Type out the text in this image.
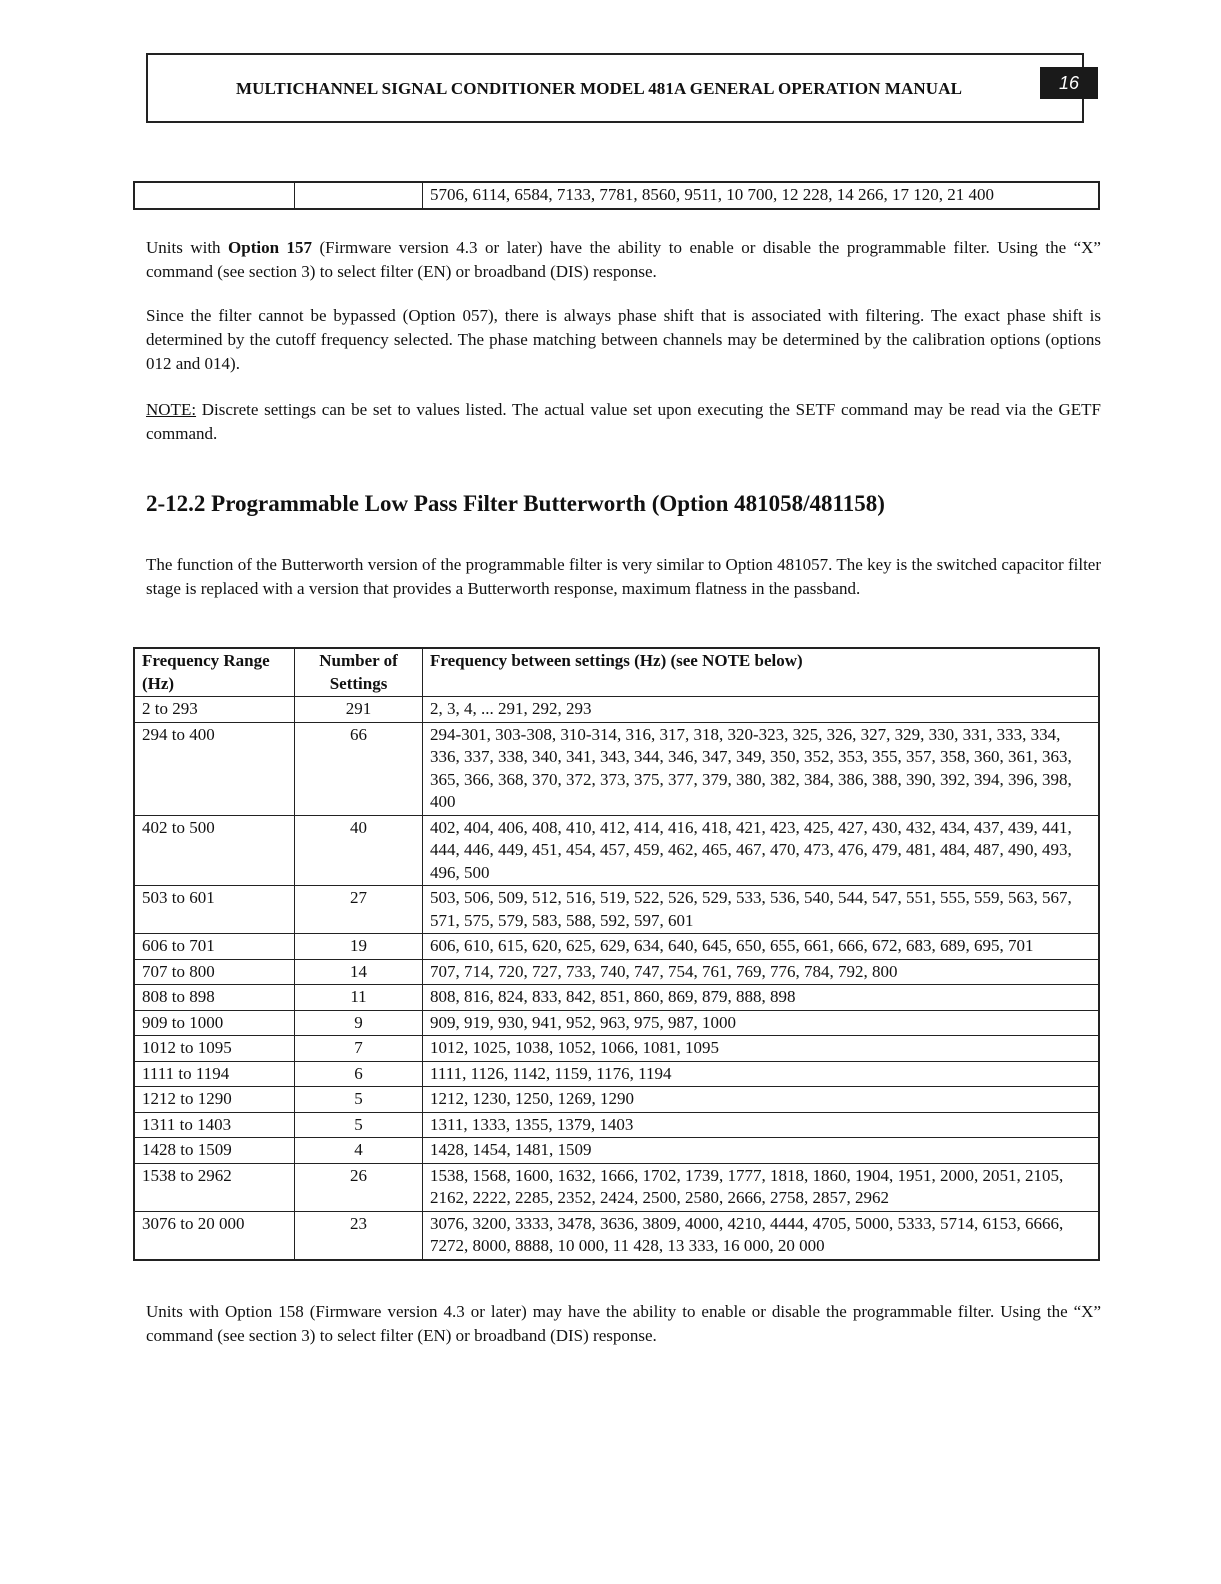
MULTICHANNEL SIGNAL CONDITIONER MODEL 481A GENERAL OPERATION MANUAL	16
		5706, 6114, 6584, 7133, 7781, 8560, 9511, 10 700, 12 228, 14 266, 17 120, 21 400
Units with Option 157 (Firmware version 4.3 or later) have the ability to enable or disable the programmable filter. Using the “X” command (see section 3) to select filter (EN) or broadband (DIS) response.
Since the filter cannot be bypassed (Option 057), there is always phase shift that is associated with filtering. The exact phase shift is determined by the cutoff frequency selected. The phase matching between channels may be determined by the calibration options (options 012 and 014).
NOTE: Discrete settings can be set to values listed. The actual value set upon executing the SETF command may be read via the GETF command.
2-12.2 Programmable Low Pass Filter Butterworth (Option 481058/481158)
The function of the Butterworth version of the programmable filter is very similar to Option 481057. The key is the switched capacitor filter stage is replaced with a version that provides a Butterworth response, maximum flatness in the passband.
Frequency Range (Hz)	Number of Settings	Frequency between settings (Hz) (see NOTE below)
2 to 293	291	2, 3, 4, ... 291, 292, 293
294 to 400	66	294-301, 303-308, 310-314, 316, 317, 318, 320-323, 325, 326, 327, 329, 330, 331, 333, 334, 336, 337, 338, 340, 341, 343, 344, 346, 347, 349, 350, 352, 353, 355, 357, 358, 360, 361, 363, 365, 366, 368, 370, 372, 373, 375, 377, 379, 380, 382, 384, 386, 388, 390, 392, 394, 396, 398, 400
402 to 500	40	402, 404, 406, 408, 410, 412, 414, 416, 418, 421, 423, 425, 427, 430, 432, 434, 437, 439, 441, 444, 446, 449, 451, 454, 457, 459, 462, 465, 467, 470, 473, 476, 479, 481, 484, 487, 490, 493, 496, 500
503 to 601	27	503, 506, 509, 512, 516, 519, 522, 526, 529, 533, 536, 540, 544, 547, 551, 555, 559, 563, 567, 571, 575, 579, 583, 588, 592, 597, 601
606 to 701	19	606, 610, 615, 620, 625, 629, 634, 640, 645, 650, 655, 661, 666, 672, 683, 689, 695, 701
707 to 800	14	707, 714, 720, 727, 733, 740, 747, 754, 761, 769, 776, 784, 792, 800
808 to 898	11	808, 816, 824, 833, 842, 851, 860, 869, 879, 888, 898
909 to 1000	9	909, 919, 930, 941, 952, 963, 975, 987, 1000
1012 to 1095	7	1012, 1025, 1038, 1052, 1066, 1081, 1095
1111 to 1194	6	1111, 1126, 1142, 1159, 1176, 1194
1212 to 1290	5	1212, 1230, 1250, 1269, 1290
1311 to 1403	5	1311, 1333, 1355, 1379, 1403
1428 to 1509	4	1428, 1454, 1481, 1509
1538 to 2962	26	1538, 1568, 1600, 1632, 1666, 1702, 1739, 1777, 1818, 1860, 1904, 1951, 2000, 2051, 2105, 2162, 2222, 2285, 2352, 2424, 2500, 2580, 2666, 2758, 2857, 2962
3076 to 20 000	23	3076, 3200, 3333, 3478, 3636, 3809, 4000, 4210, 4444, 4705, 5000, 5333, 5714, 6153, 6666, 7272, 8000, 8888, 10 000, 11 428, 13 333, 16 000, 20 000
Units with Option 158 (Firmware version 4.3 or later) may have the ability to enable or disable the programmable filter. Using the “X” command (see section 3) to select filter (EN) or broadband (DIS) response.
